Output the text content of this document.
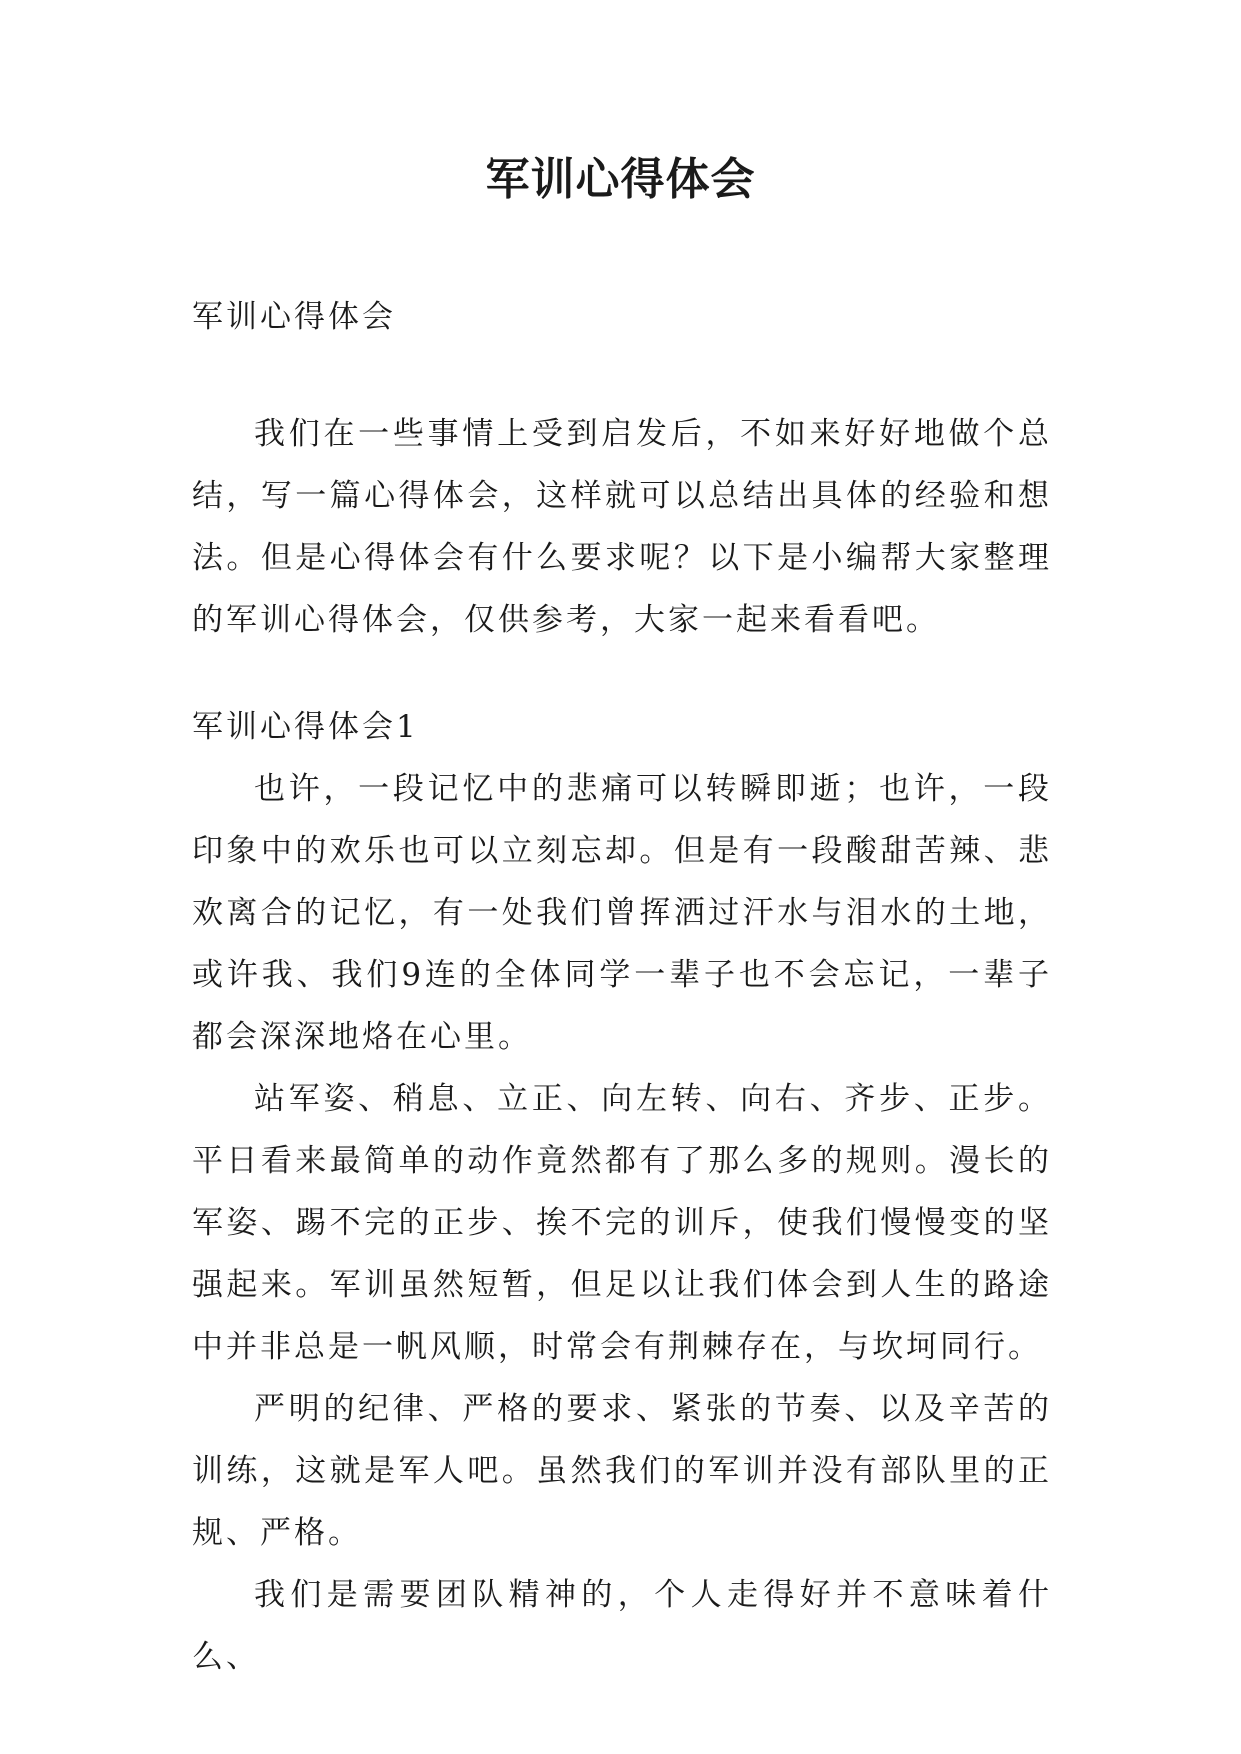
军训心得体会
军训心得体会

我们在一些事情上受到启发后，不如来好好地做个总结，写一篇心得体会，这样就可以总结出具体的经验和想法。但是心得体会有什么要求呢？以下是小编帮大家整理的军训心得体会，仅供参考，大家一起来看看吧。

军训心得体会1

也许，一段记忆中的悲痛可以转瞬即逝；也许，一段印象中的欢乐也可以立刻忘却。但是有一段酸甜苦辣、悲欢离合的记忆，有一处我们曾挥洒过汗水与泪水的土地，或许我、我们9连的全体同学一辈子也不会忘记，一辈子都会深深地烙在心里。

站军姿、稍息、立正、向左转、向右、齐步、正步。平日看来最简单的动作竟然都有了那么多的规则。漫长的军姿、踢不完的正步、挨不完的训斥，使我们慢慢变的坚强起来。军训虽然短暂，但足以让我们体会到人生的路途中并非总是一帆风顺，时常会有荆棘存在，与坎坷同行。

严明的纪律、严格的要求、紧张的节奏、以及辛苦的训练，这就是军人吧。虽然我们的军训并没有部队里的正规、严格。

我们是需要团队精神的，个人走得好并不意味着什么、
